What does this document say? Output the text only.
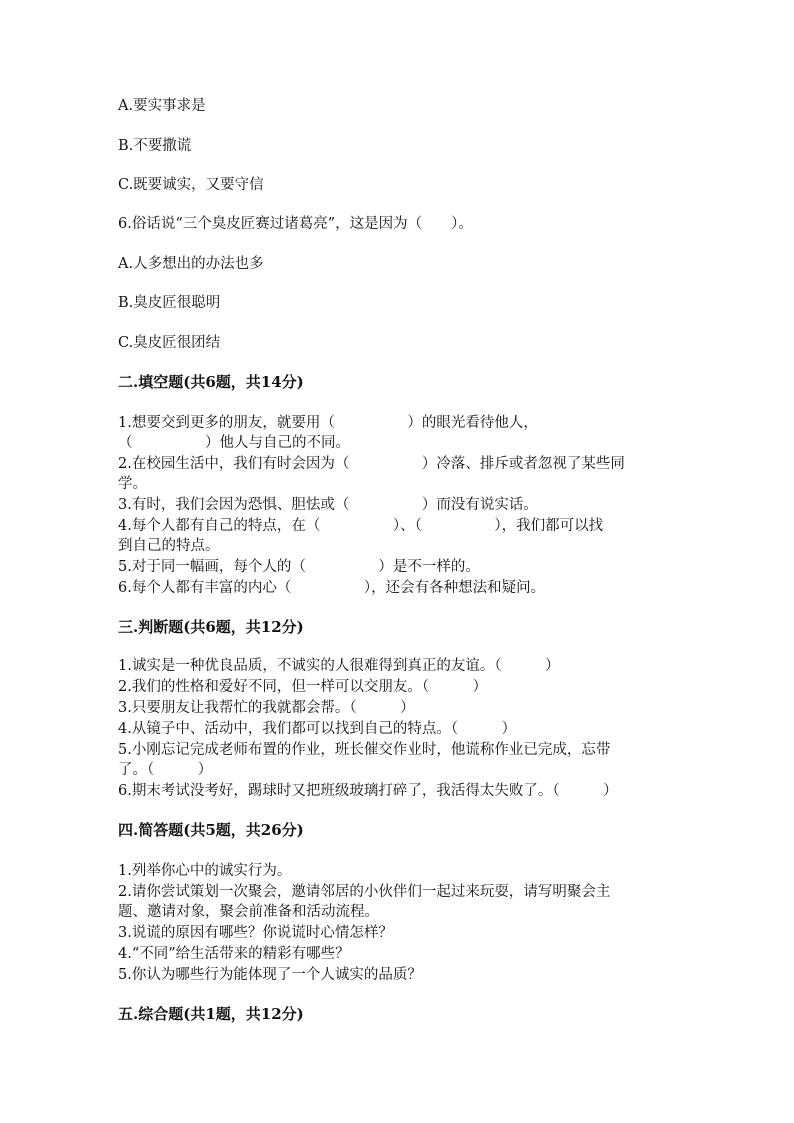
A.要实事求是
B.不要撒谎
C.既要诚实，又要守信
6.俗话说“三个臭皮匠赛过诸葛亮”，这是因为（　　）。
A.人多想出的办法也多
B.臭皮匠很聪明
C.臭皮匠很团结
二.填空题(共6题，共14分)
1.想要交到更多的朋友，就要用（　　　　　）的眼光看待他人，
（　　　　　）他人与自己的不同。
2.在校园生活中，我们有时会因为（　　　　　）冷落、排斥或者忽视了某些同
学。
3.有时，我们会因为恐惧、胆怯或（　　　　　）而没有说实话。
4.每个人都有自己的特点，在（　　　　　）、（　　　　　），我们都可以找
到自己的特点。
5.对于同一幅画，每个人的（　　　　　）是不一样的。
6.每个人都有丰富的内心（　　　　　），还会有各种想法和疑问。
三.判断题(共6题，共12分)
1.诚实是一种优良品质，不诚实的人很难得到真正的友谊。（　　　）
2.我们的性格和爱好不同，但一样可以交朋友。（　　　）
3.只要朋友让我帮忙的我就都会帮。（　　　）
4.从镜子中、活动中，我们都可以找到自己的特点。（　　　）
5.小刚忘记完成老师布置的作业，班长催交作业时，他谎称作业已完成，忘带
了。（　　　）
6.期末考试没考好，踢球时又把班级玻璃打碎了，我活得太失败了。（　　　）
四.简答题(共5题，共26分)
1.列举你心中的诚实行为。
2.请你尝试策划一次聚会，邀请邻居的小伙伴们一起过来玩耍，请写明聚会主
题、邀请对象，聚会前准备和活动流程。
3.说谎的原因有哪些？你说谎时心情怎样？
4.“不同”给生活带来的精彩有哪些？
5.你认为哪些行为能体现了一个人诚实的品质？
五.综合题(共1题，共12分)
